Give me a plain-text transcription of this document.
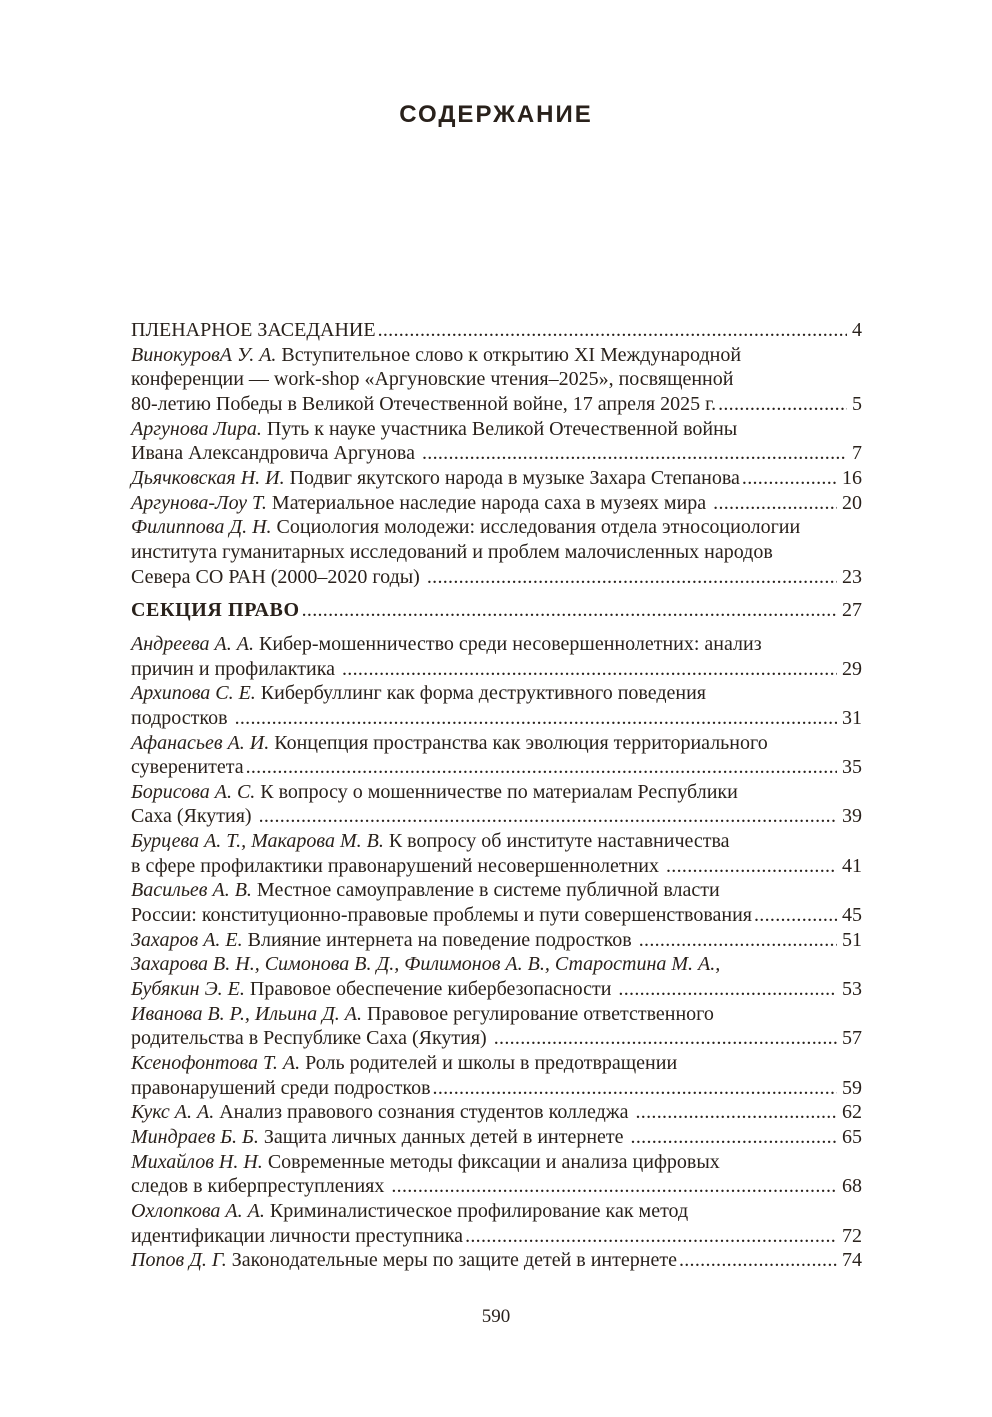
СОДЕРЖАНИЕ
ПЛЕНАРНОЕ ЗАСЕДАНИЕ .....	4
ВинокуровА У. А. Вступительное слово к открытию XI Международной
конференции — work-shop «Аргуновские чтения–2025», посвященной
80-летию Победы в Великой Отечественной войне, 17 апреля 2025 г. .....	5
Аргунова Лира. Путь к науке участника Великой Отечественной войны
Ивана Александровича Аргунова .....	7
Дьячковская Н. И. Подвиг якутского народа в музыке Захара Степанова .....	16
Аргунова-Лоу Т. Материальное наследие народа саха в музеях мира .....	20
Филиппова Д. Н. Социология молодежи: исследования отдела этносоциологии
института гуманитарных исследований и проблем малочисленных народов
Севера СО РАН (2000–2020 годы) .....	23
СЕКЦИЯ ПРАВО .....	27
Андреева А. А. Кибер-мошенничество среди несовершеннолетних: анализ
причин и профилактика .....	29
Архипова С. Е. Кибербуллинг как форма деструктивного поведения
подростков .....	31
Афанасьев А. И. Концепция пространства как эволюция территориального
суверенитета .....	35
Борисова А. С. К вопросу о мошенничестве по материалам Республики
Саха (Якутия) .....	39
Бурцева А. Т., Макарова М. В. К вопросу об институте наставничества
в сфере профилактики правонарушений несовершеннолетних .....	41
Васильев А. В. Местное самоуправление в системе публичной власти
России: конституционно-правовые проблемы и пути совершенствования .....	45
Захаров А. Е. Влияние интернета на поведение подростков .....	51
Захарова В. Н., Симонова В. Д., Филимонов А. В., Старостина М. А.,
Бубякин Э. Е. Правовое обеспечение кибербезопасности .....	53
Иванова В. Р., Ильина Д. А. Правовое регулирование ответственного
родительства в Республике Саха (Якутия) .....	57
Ксенофонтова Т. А. Роль родителей и школы в предотвращении
правонарушений среди подростков .....	59
Кукс А. А. Анализ правового сознания студентов колледжа .....	62
Миндраев Б. Б. Защита личных данных детей в интернете .....	65
Михайлов Н. Н. Современные методы фиксации и анализа цифровых
следов в киберпреступлениях .....	68
Охлопкова А. А. Криминалистическое профилирование как метод
идентификации личности преступника .....	72
Попов Д. Г. Законодательные меры по защите детей в интернете .....	74
590
